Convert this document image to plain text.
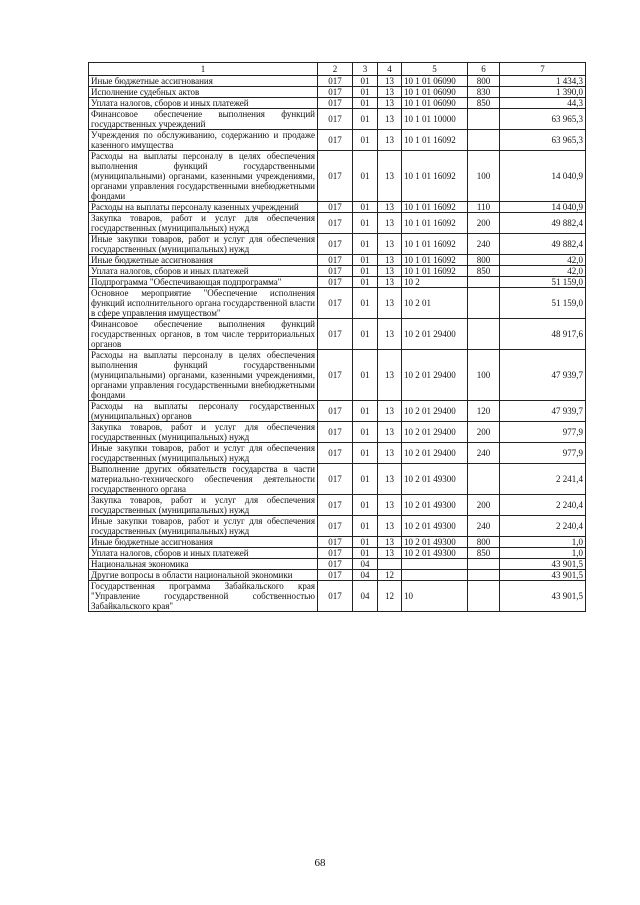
1	2	3	4	5	6	7
Иные бюджетные ассигнования	017	01	13	10 1 01 06090	800	1 434,3
Исполнение судебных актов	017	01	13	10 1 01 06090	830	1 390,0
Уплата налогов, сборов и иных платежей	017	01	13	10 1 01 06090	850	44,3
Финансовое обеспечение выполнения функций государственных учреждений	017	01	13	10 1 01 10000		63 965,3
Учреждения по обслуживанию, содержанию и продаже казенного имущества	017	01	13	10 1 01 16092		63 965,3
Расходы на выплаты персоналу в целях обеспечения выполнения функций государственными (муниципальными) органами, казенными учреждениями, органами управления государственными внебюджетными фондами	017	01	13	10 1 01 16092	100	14 040,9
Расходы на выплаты персоналу казенных учреждений	017	01	13	10 1 01 16092	110	14 040,9
Закупка товаров, работ и услуг для обеспечения государственных (муниципальных) нужд	017	01	13	10 1 01 16092	200	49 882,4
Иные закупки товаров, работ и услуг для обеспечения государственных (муниципальных) нужд	017	01	13	10 1 01 16092	240	49 882,4
Иные бюджетные ассигнования	017	01	13	10 1 01 16092	800	42,0
Уплата налогов, сборов и иных платежей	017	01	13	10 1 01 16092	850	42,0
Подпрограмма "Обеспечивающая подпрограмма"	017	01	13	10 2		51 159,0
Основное мероприятие "Обеспечение исполнения функций исполнительного органа государственной власти в сфере управления имуществом"	017	01	13	10 2 01		51 159,0
Финансовое обеспечение выполнения функций государственных органов, в том числе территориальных органов	017	01	13	10 2 01 29400		48 917,6
Расходы на выплаты персоналу в целях обеспечения выполнения функций государственными (муниципальными) органами, казенными учреждениями, органами управления государственными внебюджетными фондами	017	01	13	10 2 01 29400	100	47 939,7
Расходы на выплаты персоналу государственных (муниципальных) органов	017	01	13	10 2 01 29400	120	47 939,7
Закупка товаров, работ и услуг для обеспечения государственных (муниципальных) нужд	017	01	13	10 2 01 29400	200	977,9
Иные закупки товаров, работ и услуг для обеспечения государственных (муниципальных) нужд	017	01	13	10 2 01 29400	240	977,9
Выполнение других обязательств государства в части материально-технического обеспечения деятельности государственного органа	017	01	13	10 2 01 49300		2 241,4
Закупка товаров, работ и услуг для обеспечения государственных (муниципальных) нужд	017	01	13	10 2 01 49300	200	2 240,4
Иные закупки товаров, работ и услуг для обеспечения государственных (муниципальных) нужд	017	01	13	10 2 01 49300	240	2 240,4
Иные бюджетные ассигнования	017	01	13	10 2 01 49300	800	1,0
Уплата налогов, сборов и иных платежей	017	01	13	10 2 01 49300	850	1,0
Национальная экономика	017	04				43 901,5
Другие вопросы в области национальной экономики	017	04	12			43 901,5
Государственная программа Забайкальского края "Управление государственной собственностью Забайкальского края"	017	04	12	10		43 901,5
68
